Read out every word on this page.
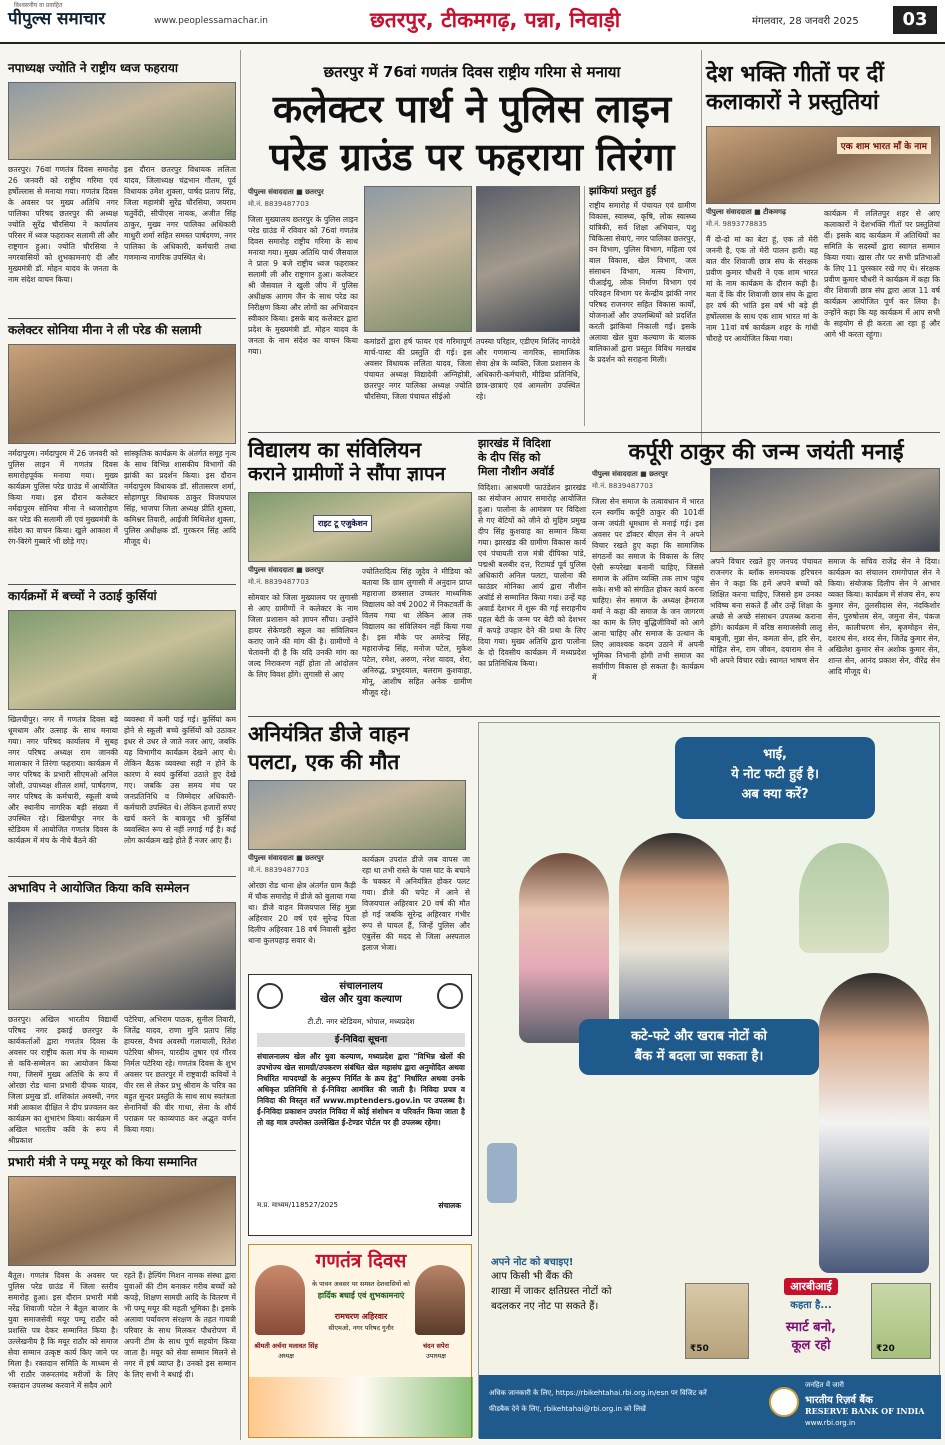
विश्वसनीय वा प्रवाहित
पीपुल्स समाचार	www.peoplessamachar.in	छतरपुर, टीकमगढ़, पन्ना, निवाड़ी	मंगलवार, 28 जनवरी 2025	03
नपाध्यक्ष ज्योति ने राष्ट्रीय ध्वज फहराया
छतरपुर। 76वां गणतंत्र दिवस समारोह 26 जनवरी को राष्ट्रीय गरिमा एवं हर्षोल्लास से मनाया गया। गणतंत्र दिवस के अवसर पर मुख्य अतिथि नगर पालिका परिषद छतरपुर की अध्यक्ष ज्योति सुरेंद्र चौरसिया ने कार्यालय परिसर में ध्वज फहराकर सलामी ली और राष्ट्रगान हुआ। ज्योति चौरसिया ने नगरवासियों को शुभकामनाएं दी और मुख्यमंत्री डॉ. मोहन यादव के जनता के नाम संदेश वाचन किया।
इस दौरान छतरपुर विधायक ललिता यादव, जिलाध्यक्ष चंद्रभान गौतम, पूर्व विधायक उमेश शुक्ला, पार्षद प्रताप सिंह, जिला महामंत्री सुरेंद्र चौरसिया, जयराम चतुर्वेदी, सीपीएस नायक, अजीत सिंह ठाकुर, मुख्य नगर पालिका अधिकारी माधुरी शर्मा सहित समस्त पार्षदगण, नगर पालिका के अधिकारी, कर्मचारी तथा गणमान्य नागरिक उपस्थित थे।
कलेक्टर सोनिया मीना ने ली परेड की सलामी
नर्मदापुरम। नर्मदापुरम में 26 जनवरी को पुलिस लाइन में गणतंत्र दिवस समारोहपूर्वक मनाया गया। मुख्य कार्यक्रम पुलिस परेड ग्राउंड में आयोजित किया गया। इस दौरान कलेक्टर नर्मदापुरम सोनिया मीना ने ध्वजारोहण कर परेड की सलामी ली एवं मुख्यमंत्री के संदेश का वाचन किया। खुले आकाश में रंग-बिरंगे गुब्बारे भी छोड़े गए।
सांस्कृतिक कार्यक्रम के अंतर्गत समूह नृत्य के साथ विभिन्न शासकीय विभागों की झांकी का प्रदर्शन किया। इस दौरान नर्मदापुरम विधायक डॉ. सीतासरण शर्मा, सोहागपुर विधायक ठाकुर विजयपाल सिंह, भाजपा जिला अध्यक्ष प्रीति शुक्ला, कमिश्नर तिवारी, आईजी मिथिलेश शुक्ला, पुलिस अधीक्षक डॉ. गुरकरन सिंह आदि मौजूद थे।
कार्यक्रमों में बच्चों ने उठाई कुर्सियां
खिलचीपुर। नगर में गणतंत्र दिवस बड़े धूमधाम और उत्साह के साथ मनाया गया। नगर परिषद कार्यालय में सुबह नगर परिषद अध्यक्ष राम जानकी मालाकार ने तिरंगा फहराया। कार्यक्रम में नगर परिषद के प्रभारी सीएमओ अनिल जोशी, उपाध्यक्ष शीतल शर्मा, पार्षदगण, नगर परिषद के कर्मचारी, स्कूली बच्चे और स्थानीय नागरिक बड़ी संख्या में उपस्थित रहे। खिलचीपुर नगर के स्टेडियम में आयोजित गणतंत्र दिवस के कार्यक्रम में मंच के नीचे बैठने की
व्यवस्था में कमी पाई गई। कुर्सियां कम होने से स्कूली बच्चे कुर्सियों को उठाकर इधर से उधर ले जाते नजर आए, जबकि यह विभागीय कार्यक्रम देखने आए थे। लेकिन बैठक व्यवस्था सही न होने के कारण ये स्वयं कुर्सियां उठाते हुए देखे गए। जबकि उस समय मंच पर जनप्रतिनिधि व जिम्मेदार अधिकारी-कर्मचारी उपस्थित थे। लेकिन हजारों रुपए खर्च करने के बावजूद भी कुर्सियां व्यवस्थित रूप से नहीं लगाई गईं है। कई लोग कार्यक्रम खड़े होते हैं नजर आए हैं।
अभाविप ने आयोजित किया कवि सम्मेलन
छतरपुर। अखिल भारतीय विद्यार्थी परिषद नगर इकाई छतरपुर के कार्यकर्ताओं द्वारा गणतंत्र दिवस के अवसर पर राष्ट्रीय कला मंच के माध्यम से कवि-सम्मेलन का आयोजन किया गया, जिसमें मुख्य अतिथि के रूप में ओरछा रोड थाना प्रभारी दीपक यादव, जिला प्रमुख डॉ. शशिकांत अवस्थी, नगर मंत्री आकाश दीक्षित ने दीप प्रज्वलन कर कार्यक्रम का शुभारंभ किया। कार्यक्रम में अखिल भारतीय कवि के रूप में श्रीप्रकाश
पटेरिया, अभिराम पाठक, सुनील तिवारी, जितेंद्र यादव, राणा मुनि प्रताप सिंह हायरस, वैभव अवस्थी गलायाली, रितेश पटेरिया श्रीमन, पारदीय तुषार एवं गौरव निर्मल पटेरिया रहे। गणतंत्र दिवस के शुभ अवसर पर छतरपुर में राष्ट्रवादी कवियों ने वीर रस से लेकर प्रभु श्रीराम के चरित्र का बहुत सुन्दर प्रस्तुति के साथ साथ स्वतंत्रता सेनानियों की वीर गाथा, सेना के शौर्य पराक्रम पर काव्यपाठ कर अद्भुत वर्णन किया गया।
प्रभारी मंत्री ने पम्पू मयूर को किया सम्मानित
बैतूल। गणतंत्र दिवस के अवसर पर पुलिस परेड ग्राउंड में जिला स्तरीय समारोह हुआ। इस दौरान प्रभारी मंत्री नरेंद्र शिवाजी पटेल ने बैतूल बाजार के युवा समाजसेवी मयूर पम्पू राठौर को प्रशस्ति पत्र देकर सम्मानित किया है। उल्लेखनीय है कि मयूर राठौर को समाज सेवा सम्मान उत्कृष्ट कार्य किए जाने पर मिला है। रक्तदान समिति के माध्यम से भी राठौर जरूरतमंद मरीजों के लिए रक्तदान उपलब्ध करवाने में सदैव आगे
रहते हैं। हेल्पिंग मिशन नामक संस्था द्वारा युवाओं की टीम बनाकर गरीब बच्चों को कपड़े, शिक्षण सामग्री आदि के वितरण में भी पम्पू मयूर की महती भूमिका है। इसके अलावा पर्यावरण संरक्षण के तहत गायत्री परिवार के साथ मिलकर पौधरोपण में अपनी टीम के साथ पूर्ण सहयोग किया जाता है। मयूर को सेवा सम्मान मिलने से नगर में हर्ष व्याप्त है। उनको इस सम्मान के लिए सभी ने बधाई दी।
छतरपुर में 76वां गणतंत्र दिवस राष्ट्रीय गरिमा से मनाया
कलेक्टर पार्थ ने पुलिस लाइन
परेड ग्राउंड पर फहराया तिरंगा
पीपुल्स संवाददाता ■ छतरपुर
मो.नं. 8839487703
जिला मुख्यालय छतरपुर के पुलिस लाइन परेड ग्राउंड में रविवार को 76वां गणतंत्र दिवस समारोह राष्ट्रीय गरिमा के साथ मनाया गया। मुख्य अतिथि पार्थ जैसवाल ने प्रातः 9 बजे राष्ट्रीय ध्वज फहराकर सलामी ली और राष्ट्रगान हुआ। कलेक्टर श्री जैसवाल ने खुली जीप में पुलिस अधीक्षक आगम जैन के साथ परेड का निरीक्षण किया और लोगों का अभिवादन स्वीकार किया। इसके बाद कलेक्टर द्वारा प्रदेश के मुख्यमंत्री डॉ. मोहन यादव के जनता के नाम संदेश का वाचन किया गया।
कमांडरों द्वारा हर्ष फायर एवं गरिमापूर्ण मार्च-पास्ट की प्रस्तुति दी गई। इस अवसर विधायक ललिता यादव, जिला पंचायत अध्यक्ष विद्यादेवी अग्निहोत्री, छतरपुर नगर पालिका अध्यक्ष ज्योति चौरसिया, जिला पंचायत सीईओ
तपस्या परिहार, एडीएम मिलिंद नागदेवे और गणमान्य नागरिक, सामाजिक सेवा क्षेत्र के व्यक्ति, जिला प्रशासन के अधिकारी-कर्मचारी, मीडिया प्रतिनिधि, छात्र-छात्राएं एवं आमलोग उपस्थित रहे।
झांकियां प्रस्तुत हुईं
राष्ट्रीय समारोह में पंचायत एवं ग्रामीण विकास, स्वास्थ्य, कृषि, लोक स्वास्थ्य यांत्रिकी, सर्व शिक्षा अभियान, पशु चिकित्सा सेवाएं, नगर पालिका छतरपुर, वन विभाग, पुलिस विभाग, महिला एवं बाल विकास, खेल विभाग, जल संसाधन विभाग, मत्स्य विभाग, पीआईयू, लोक निर्माण विभाग एवं परिवहन विभाग पर केन्द्रीय झांकी नगर परिषद राजनगर सहित विकास कार्यों, योजनाओं और उपलब्धियों को प्रदर्शित करती झांकियां निकाली गईं। इसके अलावा खेल युवा कल्याण के बालक बालिकाओं द्वारा प्रस्तुत विविध मलखंब के प्रदर्शन को सराहना मिली।
देश भक्ति गीतों पर दीं
कलाकारों ने प्रस्तुतियां
एक शाम भारत माँ के नाम
पीपुल्स संवाददाता ■ टीकमगढ़
मो.नं. 9893778835
मैं दो-दो मां का बेटा हूं, एक तो मेरी जननी है, एक तो मेरी पालन हारी। यह बात वीर शिवाजी छात्र संघ के संरक्षक प्रवीण कुमार चौधरी ने एक शाम भारत मां के नाम कार्यक्रम के दौरान कही है। बता दें कि वीर शिवाजी छात्र संघ के द्वारा हर वर्ष की भांति इस वर्ष भी बड़े ही हर्षोल्लास के साथ एक शाम भारत मां के नाम 11वां वर्ष कार्यक्रम शहर के गांधी चौराहे पर आयोजित किया गया।
कार्यक्रम में ललितपुर शहर से आए कलाकारों ने देशभक्ति गीतों पर प्रस्तुतियां दीं। इसके बाद कार्यक्रम में अतिथियों का समिति के सदस्यों द्वारा स्वागत सम्मान किया गया। खास तौर पर सभी प्रतिभाओं के लिए 11 पुरस्कार रखे गए थे। संरक्षक प्रवीण कुमार चौधरी ने कार्यक्रम में कहा कि वीर शिवाजी छात्र संघ द्वारा आज 11 वर्ष कार्यक्रम आयोजित पूर्ण कर लिया है। उन्होंने कहा कि यह कार्यक्रम में आप सभी के सहयोग से ही करता आ रहा हूं और आगे भी करता रहूंगा।
विद्यालय का संविलियन
कराने ग्रामीणों ने सौंपा ज्ञापन
राइट टू एजुकेशन
पीपुल्स संवाददाता ■ छतरपुर
मो.नं. 8839487703
सोमवार को जिला मुख्यालय पर लुगासी से आए ग्रामीणों ने कलेक्टर के नाम जिला प्रशासन को ज्ञापन सौंपा। उन्होंने हायर सेकेण्डरी स्कूल का संविलियन कराए जाने की मांग की है। ग्रामीणों ने चेतावनी दी है कि यदि उनकी मांग का जल्द निराकरण नहीं होता तो आंदोलन के लिए विवश होंगे। लुगासी से आए
ज्योतिरादित्य सिंह जूदेव ने मीडिया को बताया कि ग्राम लुगासी में अनुदान प्राप्त महाराजा छत्रसाल उच्चतर माध्यमिक विद्यालय को वर्ष 2002 में निकटवर्ती के विलय गया था लेकिन आज तक विद्यालय का संविलियन नहीं किया गया है। इस मौके पर अमरेन्द्र सिंह, महाराजेन्द्र सिंह, मनोज पटेल, मुकेश पटेल, रमेश, अरुण, नरेश यादव, शेरा, अनिरुद्ध, प्रभुदयाल, बलराम कुशवाहा, मोनू, आशीष सहित अनेक ग्रामीण मौजूद रहे।
झारखंड में विदिशा
के दीप सिंह को
मिला नौशीन अवॉर्ड
विदिशा। आश्रयणी फाउंडेशन झारखंड का संयोजन आपार समारोह आयोजित हुआ। पालोना के आमंत्रण पर विदिशा से गए बेटियों को जीने दो मुहिम प्रमुख दीप सिंह कुशवाह का सम्मान किया गया। झारखंड की ग्रामीण विकास कार्य एवं पंचायती राज मंत्री दीपिका पांडे, पद्मश्री बलबीर दत्त, रिटायर्ड पूर्व पुलिस अधिकारी अनिल पलटा, पालोना की फाउंडर मोनिका आर्य द्वारा नौशीन अवॉर्ड से सम्मानित किया गया। उन्हें यह अवार्ड देशभर में शुरू की गई सराहनीय पहल बेटी के जन्म पर बेटी को देशभर में कपड़े उपहार देने की प्रथा के लिए दिया गया। मुख्य अतिथि द्वारा पालोना के दो दिवसीय कार्यक्रम में मध्यप्रदेश का प्रतिनिधित्व किया।
कर्पूरी ठाकुर की जन्म जयंती मनाई
पीपुल्स संवाददाता ■ छतरपुर
मो.नं. 8839487703
जिला सेन समाज के तत्वावधान में भारत रत्न स्वर्गीय कर्पूरी ठाकुर की 101वीं जन्म जयंती धूमधाम से मनाई गई। इस अवसर पर डॉक्टर बीएल सेन ने अपने विचार रखते हुए कहा कि सामाजिक संगठनों का समाज के विकास के लिए ऐसी रूपरेखा बनानी चाहिए, जिससे समाज के अंतिम व्यक्ति तक लाभ पहुंच सके। सभी को संगठित होकर कार्य करना चाहिए। सेन समाज के अध्यक्ष हेमराज वर्मा ने कहा की समाज के जन जागरण का काम के लिए बुद्धिजीवियों को आगे आना चाहिए और समाज के उत्थान के लिए आवश्यक कदम उठाने में अपनी भूमिका निभानी होगी तभी समाज का सर्वांगीण विकास हो सकता है। कार्यक्रम में
अपने विचार रखते हुए जनपद पंचायत राजनगर के ब्लॉक समन्वयक हरिचरन सेन ने कहा कि हमें अपने बच्चों को शिक्षित करना चाहिए, जिससे हम उनका भविष्य बना सकते हैं और उन्हें शिक्षा के अच्छे से अच्छे संसाधन उपलब्ध कराना होंगे। कार्यक्रम में वरिष्ठ समाजसेवी लालू बाबूजी, मुन्ना सेन, कमता सेन, हरि सेन, मोहित सेन, राम जीवन, दयाराम सेन ने भी अपने विचार रखे। स्वागत भाषण सेन
समाज के सचिव राजेंद्र सेन ने दिया। कार्यक्रम का संचालन रामगोपाल सेन ने किया। संयोजक दिलीप सेन ने आभार व्यक्त किया। कार्यक्रम में संजय सेन, रूप कुमार सेन, तुलसीदास सेन, नंदकिशोर सेन, पुरुषोत्तम सेन, जमुना सेन, पंकज सेन, कालीचरण सेन, बृजमोहन सेन, दशरथ सेन, शरद सेन, जितेंद्र कुमार सेन, अखिलेश कुमार सेन अशोक कुमार सेन, शान्त सेन, आनंद प्रकाश सेन, वीरेंद्र सेन आदि मौजूद थे।
अनियंत्रित डीजे वाहन
पलटा, एक की मौत
पीपुल्स संवाददाता ■ छतरपुर
मो.नं. 8839487703
ओरछा रोड थाना क्षेत्र अंतर्गत ग्राम कैड़ी में चौक समारोह में डीजे को बुलाया गया था। डीजे वाहन विजयपाल सिंह मुन्ना अहिरवार 20 वर्ष एवं सुरेन्द्र पिता दिलीप अहिरवार 18 वर्ष निवासी बुड़ेरा थाना कुलपहाड़ सवार थे।
कार्यक्रम उपरांत डीजे जब वापस जा रहा था तभी रास्ते के पास घाट के बचाने के चक्कर में अनियंत्रित होकर पलट गया। डीजे की चपेट में आने से विजयपाल अहिरवार 20 वर्ष की मौत हो गई जबकि सुरेन्द्र अहिरवार गंभीर रूप से घायल हैं, जिन्हें पुलिस और एंबुलेंस की मदद से जिला अस्पताल इलाज भेजा।
संचालनालय
खेल और युवा कल्याण
टी.टी. नगर स्टेडियम, भोपाल, मध्यप्रदेश
ई-निविदा सूचना
संचालनालय खेल और युवा कल्याण, मध्यप्रदेश द्वारा "विभिन्न खेलों की उपभोज्य खेल सामग्री/उपकरण संबंधित खेल महासंघ द्वारा अनुमोदित अथवा निर्धारित मापदण्डों के अनुरूप निर्मित के क्रय हेतु" निर्धारित अथवा उनके अधिकृत प्रतिनिधि से ई-निविदा आमंत्रित की जाती है। निविदा प्रपत्र व निविदा की विस्तृत शर्तें www.mptenders.gov.in पर उपलब्ध है। ई-निविदा प्रकाशन उपरांत निविदा में कोई संशोधन व परिवर्तन किया जाता है तो वह मात्र उपरोक्त उल्लेखित ई-टेण्डर पोर्टल पर ही उपलब्ध रहेगा।
म.प्र. माध्यम/118527/2025	संचालक
गणतंत्र दिवस
के पावन अवसर पर समस्त देशवासियों को
हार्दिक बधाई एवं शुभकामनाएं
श्रीमती अर्चना मलावत सिंह
अध्यक्ष
रामचरण अहिरवार
सीएमओ, नगर परिषद गुनौर
चंदन सपेरा
उपाध्यक्ष
भाई,
ये नोट फटी हुई है।
अब क्या करें?
कटे-फटे और खराब नोटों को
बैंक में बदला जा सकता है।
अपने नोट को बचाइए!
आप किसी भी बैंक की
शाखा में जाकर क्षतिग्रस्त नोटों को
बदलकर नए नोट पा सकते हैं।
₹50	₹20
आरबीआई
कहता है...
स्मार्ट बनो,
कूल रहो
अधिक जानकारी के लिए, https://rbikehtahai.rbi.org.in/esn पर विजिट करें
फीडबैक देने के लिए, rbikehtahai@rbi.org.in को लिखें
जनहित में जारी
भारतीय रिज़र्व बैंक
RESERVE BANK OF INDIA
www.rbi.org.in
